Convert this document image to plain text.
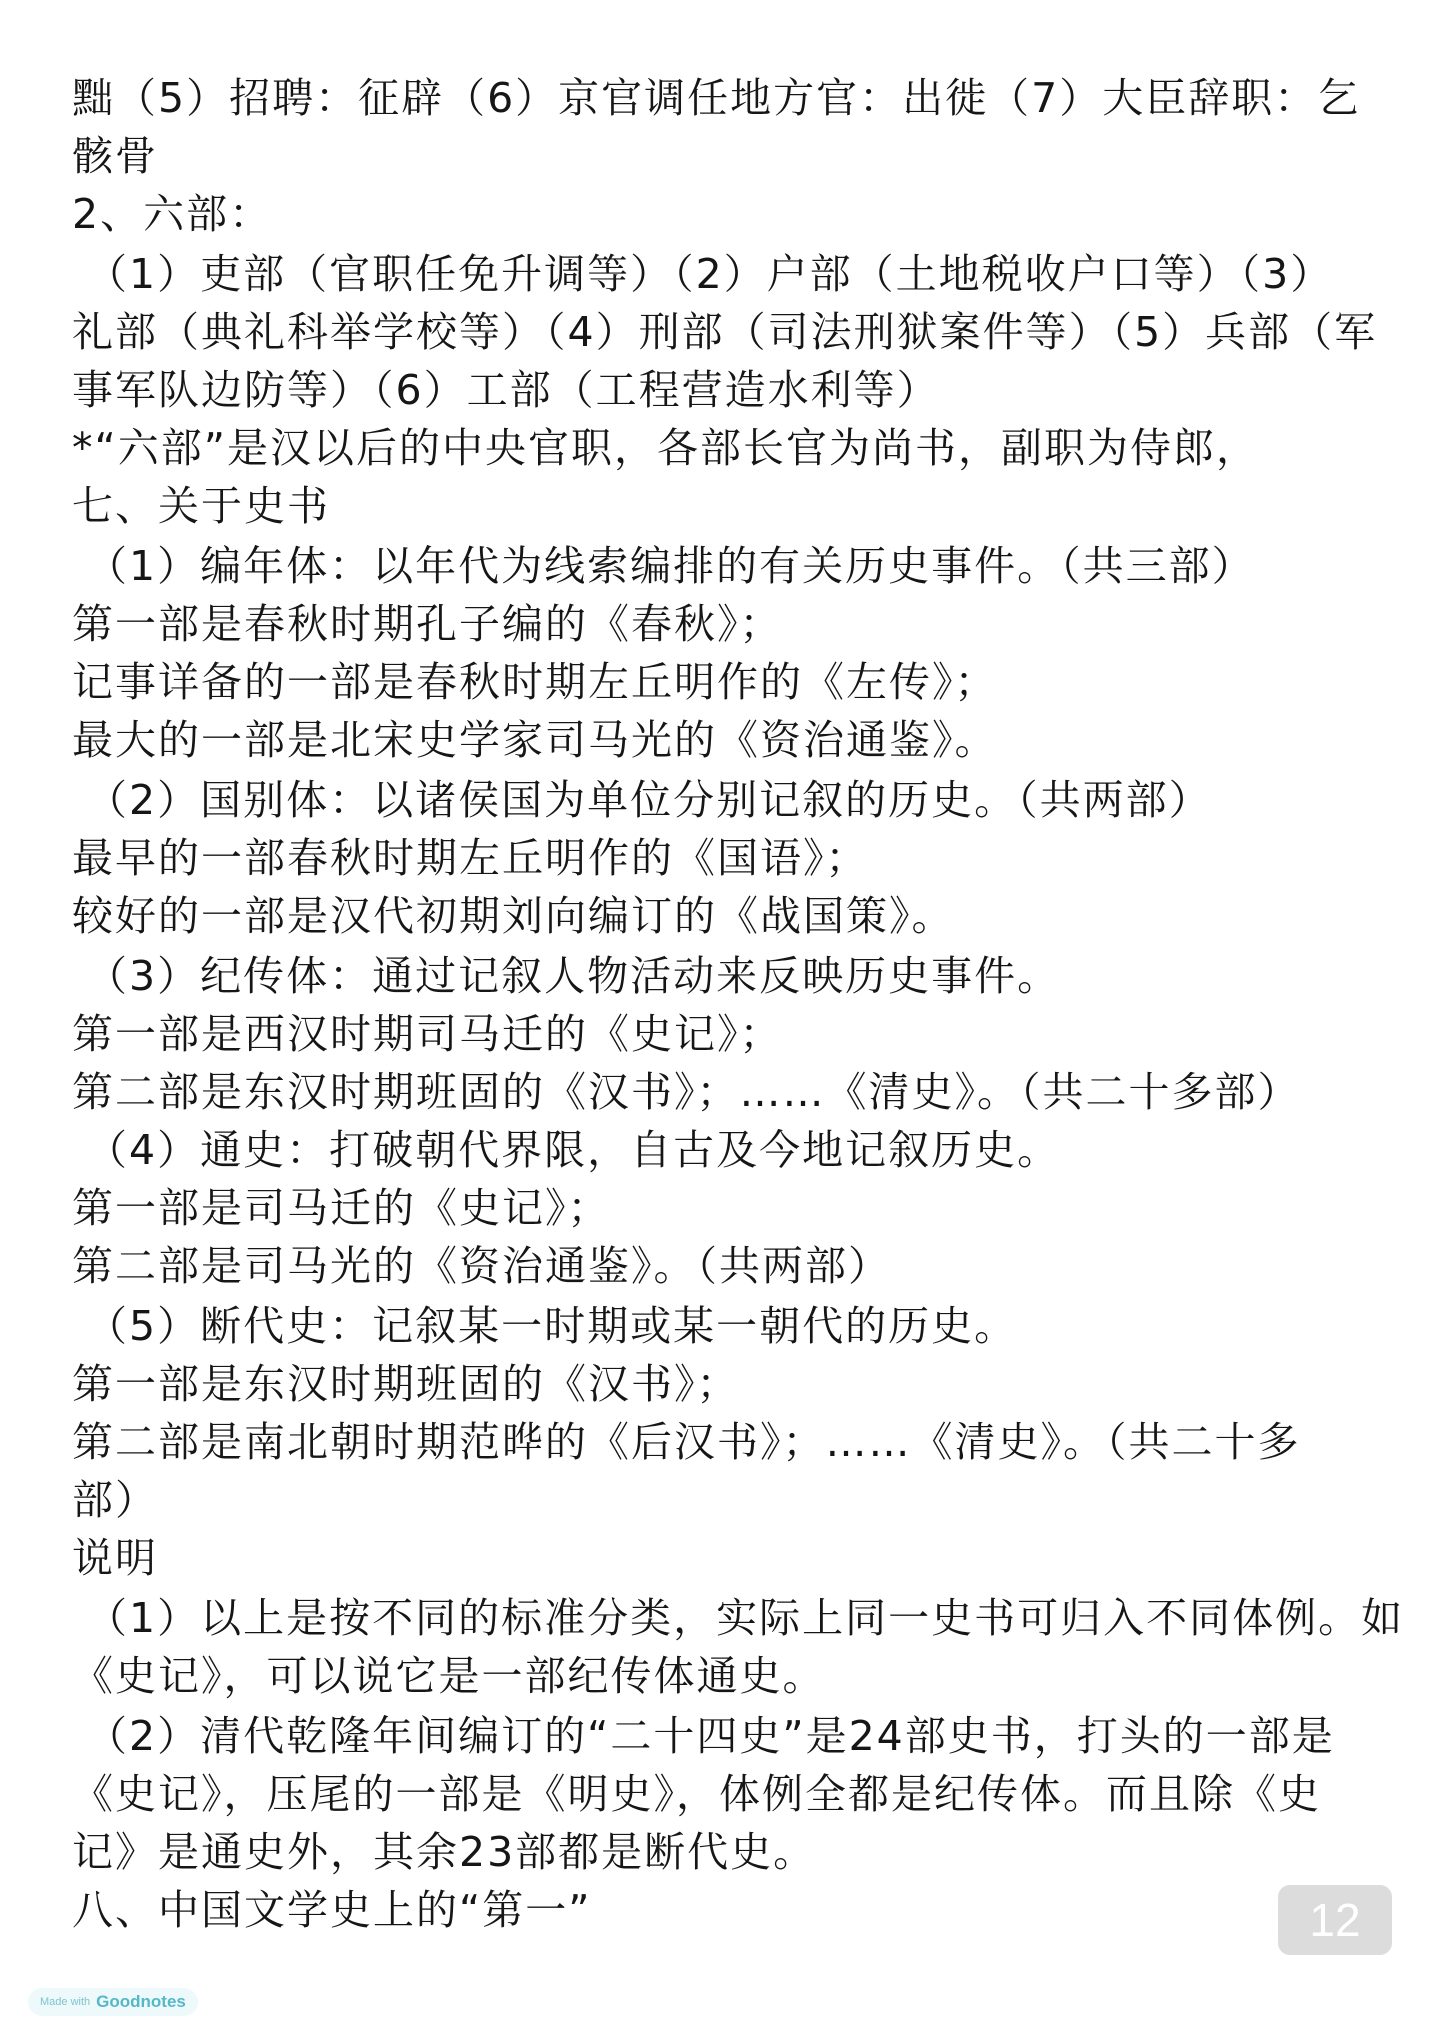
黜（5）招聘：征辟（6）京官调任地方官：出徙（7）大臣辞职：乞
骸骨
2、六部：
（1）吏部（官职任免升调等）（2）户部（土地税收户口等）（3）
礼部（典礼科举学校等）（4）刑部（司法刑狱案件等）（5）兵部（军
事军队边防等）（6）工部（工程营造水利等）
*“六部”是汉以后的中央官职，各部长官为尚书，副职为侍郎，
七、关于史书
（1）编年体：以年代为线索编排的有关历史事件。（共三部）
第一部是春秋时期孔子编的《春秋》；
记事详备的一部是春秋时期左丘明作的《左传》；
最大的一部是北宋史学家司马光的《资治通鉴》。
（2）国别体：以诸侯国为单位分别记叙的历史。（共两部）
最早的一部春秋时期左丘明作的《国语》；
较好的一部是汉代初期刘向编订的《战国策》。
（3）纪传体：通过记叙人物活动来反映历史事件。
第一部是西汉时期司马迁的《史记》；
第二部是东汉时期班固的《汉书》；……《清史》。（共二十多部）
（4）通史：打破朝代界限，自古及今地记叙历史。
第一部是司马迁的《史记》；
第二部是司马光的《资治通鉴》。（共两部）
（5）断代史：记叙某一时期或某一朝代的历史。
第一部是东汉时期班固的《汉书》；
第二部是南北朝时期范晔的《后汉书》；……《清史》。（共二十多
部）
说明
（1）以上是按不同的标准分类，实际上同一史书可归入不同体例。如
《史记》，可以说它是一部纪传体通史。
（2）清代乾隆年间编订的“二十四史”是24部史书，打头的一部是
《史记》，压尾的一部是《明史》，体例全都是纪传体。而且除《史
记》是通史外，其余23部都是断代史。
八、中国文学史上的“第一”	12
Made with Goodnotes
